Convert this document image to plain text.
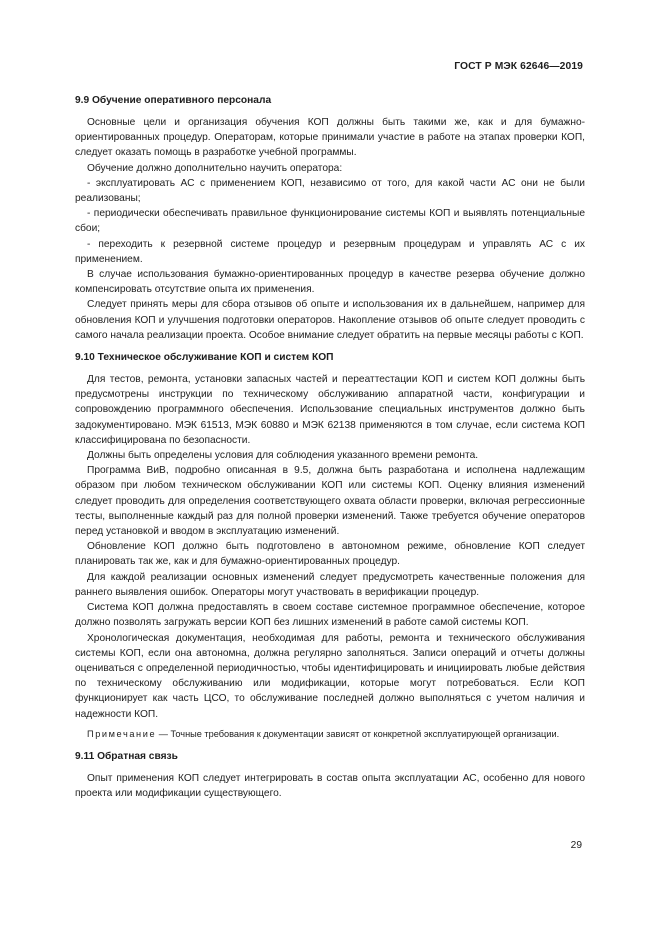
ГОСТ Р МЭК 62646—2019
9.9 Обучение оперативного персонала

Основные цели и организация обучения КОП должны быть такими же, как и для бумажно-ориентированных процедур. Операторам, которые принимали участие в работе на этапах проверки КОП, следует оказать помощь в разработке учебной программы.

Обучение должно дополнительно научить оператора:

- эксплуатировать АС с применением КОП, независимо от того, для какой части АС они не были реализованы;

- периодически обеспечивать правильное функционирование системы КОП и выявлять потенциальные сбои;

- переходить к резервной системе процедур и резервным процедурам и управлять АС с их применением.

В случае использования бумажно-ориентированных процедур в качестве резерва обучение должно компенсировать отсутствие опыта их применения.

Следует принять меры для сбора отзывов об опыте и использования их в дальнейшем, например для обновления КОП и улучшения подготовки операторов. Накопление отзывов об опыте следует проводить с самого начала реализации проекта. Особое внимание следует обратить на первые месяцы работы с КОП.

9.10 Техническое обслуживание КОП и систем КОП

Для тестов, ремонта, установки запасных частей и переаттестации КОП и систем КОП должны быть предусмотрены инструкции по техническому обслуживанию аппаратной части, конфигурации и сопровождению программного обеспечения. Использование специальных инструментов должно быть задокументировано. МЭК 61513, МЭК 60880 и МЭК 62138 применяются в том случае, если система КОП классифицирована по безопасности.

Должны быть определены условия для соблюдения указанного времени ремонта.

Программа ВиВ, подробно описанная в 9.5, должна быть разработана и исполнена надлежащим образом при любом техническом обслуживании КОП или системы КОП. Оценку влияния изменений следует проводить для определения соответствующего охвата области проверки, включая регрессионные тесты, выполненные каждый раз для полной проверки изменений. Также требуется обучение операторов перед установкой и вводом в эксплуатацию изменений.

Обновление КОП должно быть подготовлено в автономном режиме, обновление КОП следует планировать так же, как и для бумажно-ориентированных процедур.

Для каждой реализации основных изменений следует предусмотреть качественные положения для раннего выявления ошибок. Операторы могут участвовать в верификации процедур.

Система КОП должна предоставлять в своем составе системное программное обеспечение, которое должно позволять загружать версии КОП без лишних изменений в работе самой системы КОП.

Хронологическая документация, необходимая для работы, ремонта и технического обслуживания системы КОП, если она автономна, должна регулярно заполняться. Записи операций и отчеты должны оцениваться с определенной периодичностью, чтобы идентифицировать и инициировать любые действия по техническому обслуживанию или модификации, которые могут потребоваться. Если КОП функционирует как часть ЦСО, то обслуживание последней должно выполняться с учетом наличия и надежности КОП.

Примечание — Точные требования к документации зависят от конкретной эксплуатирующей организации.

9.11 Обратная связь

Опыт применения КОП следует интегрировать в состав опыта эксплуатации АС, особенно для нового проекта или модификации существующего.

29
